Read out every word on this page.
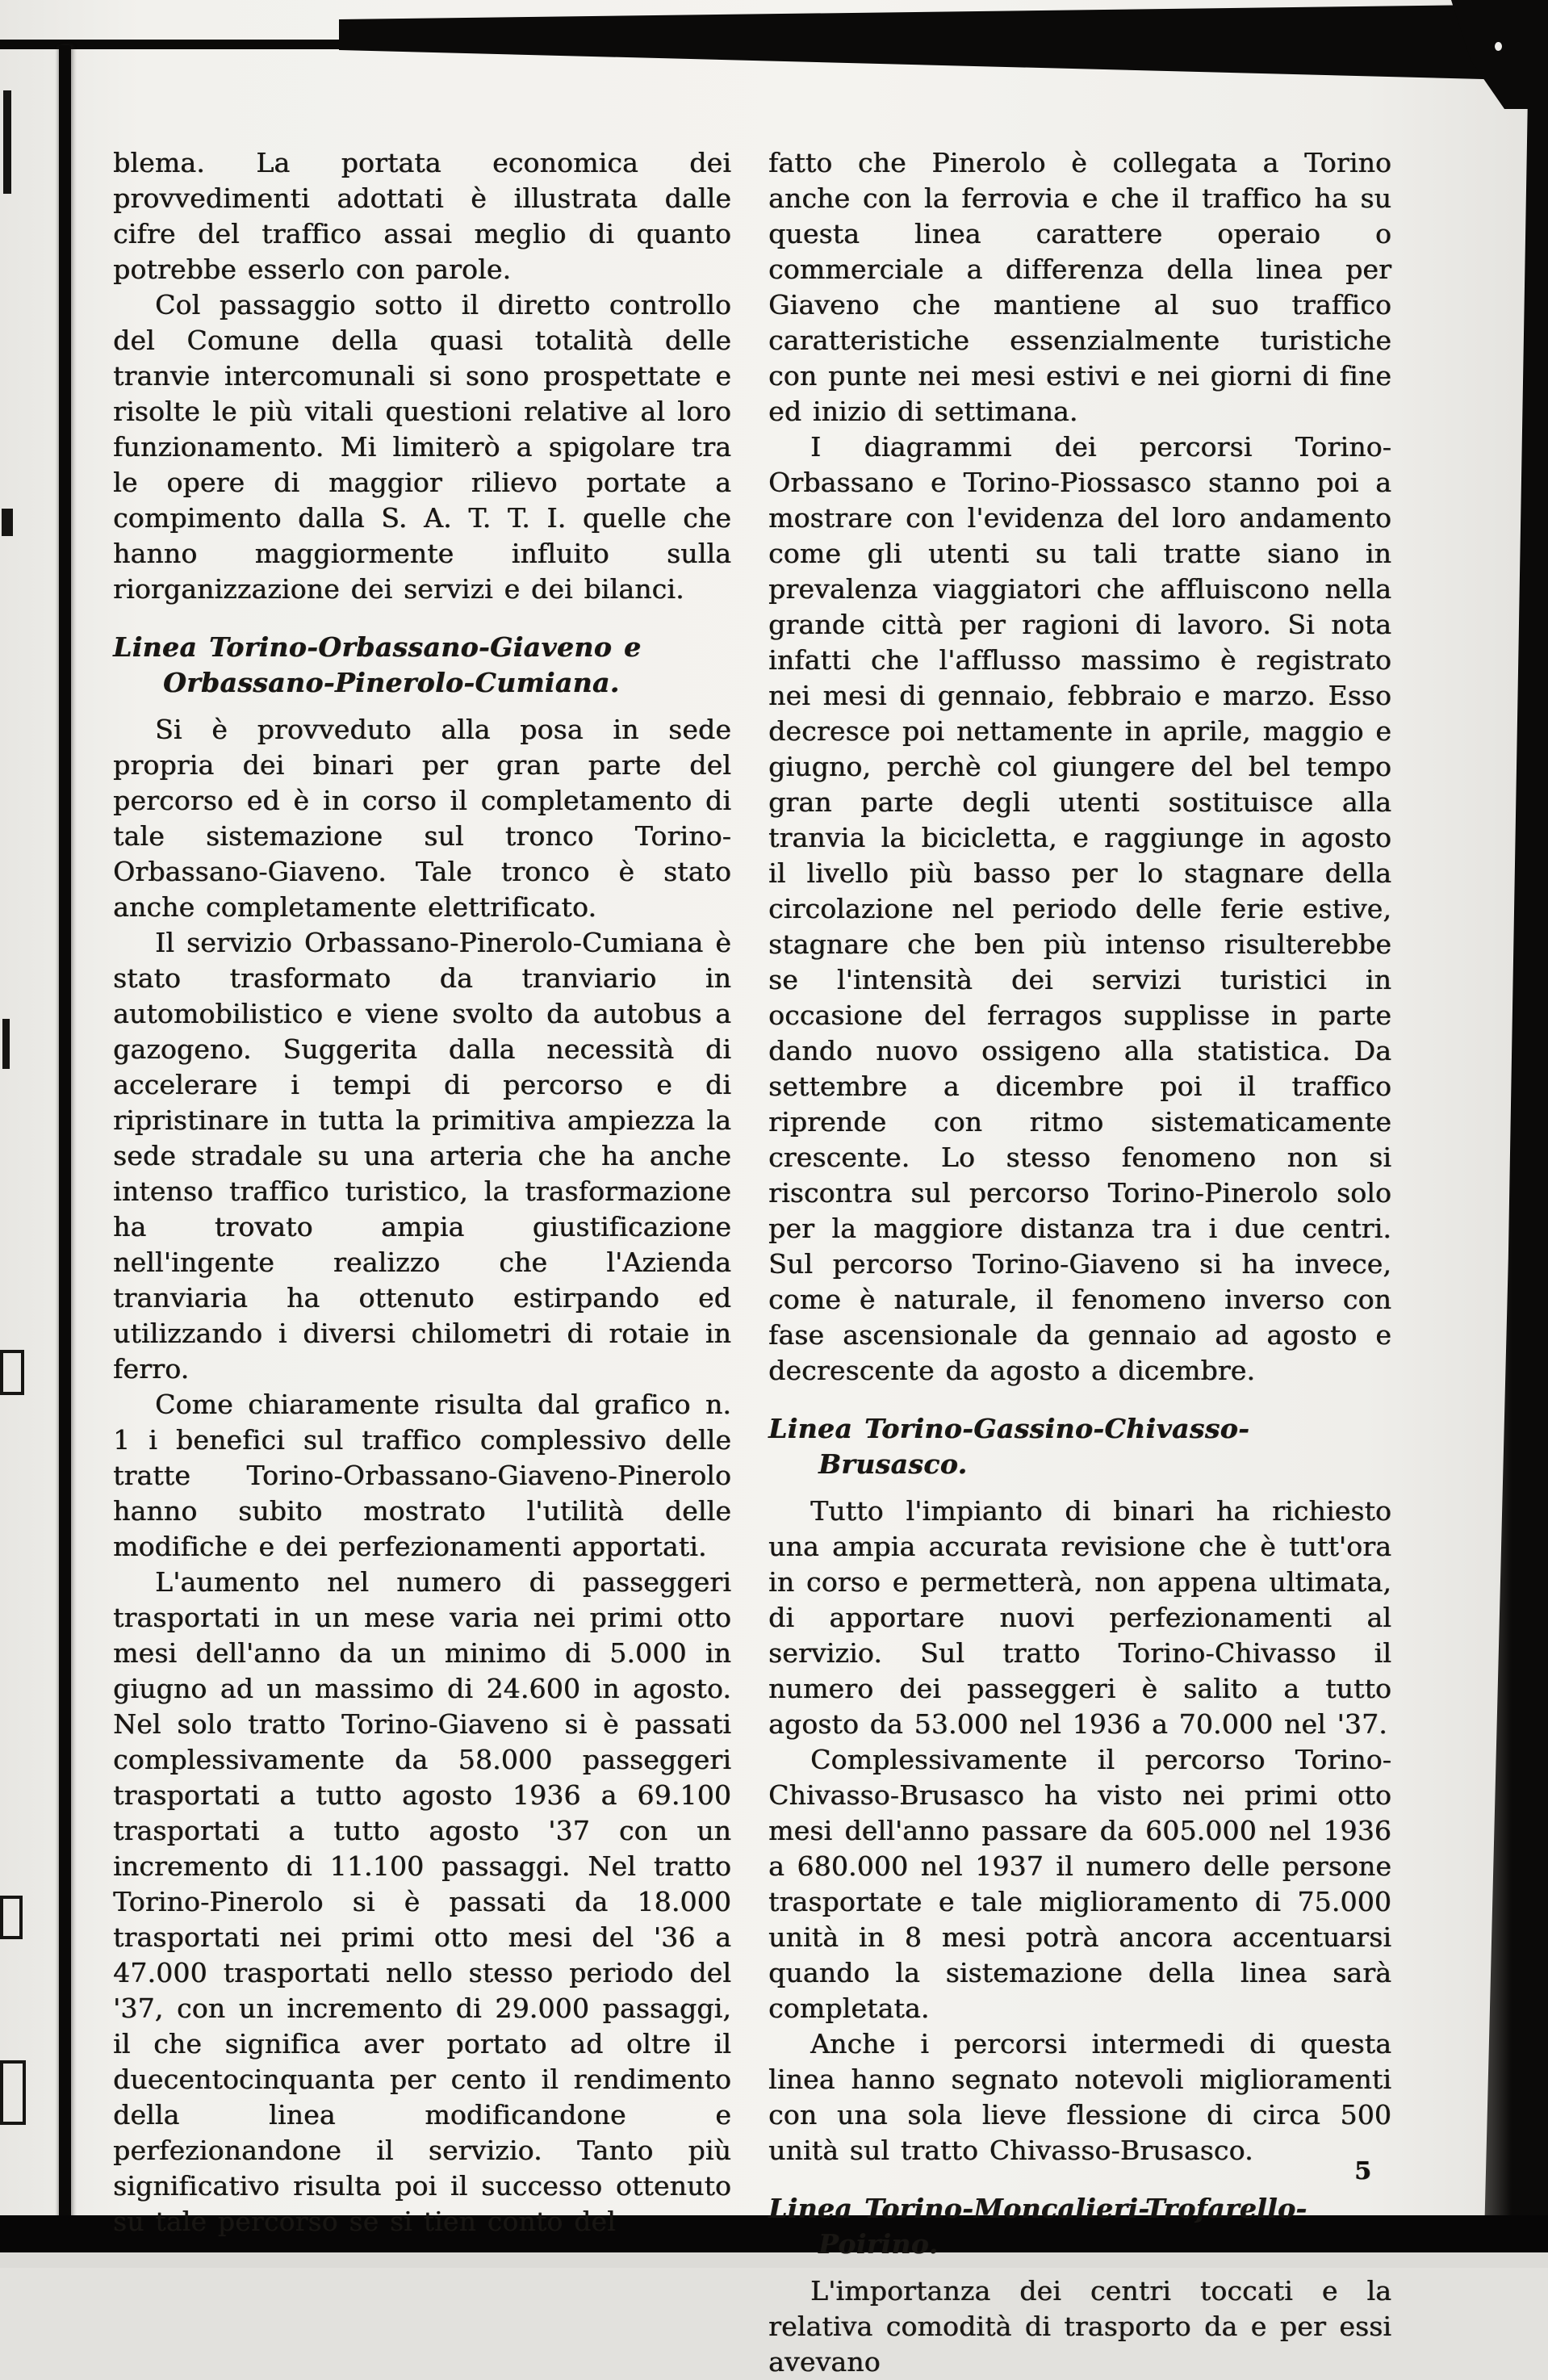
blema. La portata economica dei provvedimenti adottati è illustrata dalle cifre del traffico assai meglio di quanto potrebbe esserlo con parole.

Col passaggio sotto il diretto controllo del Comune della quasi totalità delle tranvie intercomunali si sono prospettate e risolte le più vitali questioni relative al loro funzionamento. Mi limiterò a spigolare tra le opere di maggior rilievo portate a compimento dalla S. A. T. T. I. quelle che hanno maggiormente influito sulla riorganizzazione dei servizi e dei bilanci.

Linea Torino-Orbassano-Giaveno e Orbassano-Pinerolo-Cumiana.

Si è provveduto alla posa in sede propria dei binari per gran parte del percorso ed è in corso il completamento di tale sistemazione sul tronco Torino-Orbassano-Giaveno. Tale tronco è stato anche completamente elettrificato.

Il servizio Orbassano-Pinerolo-Cumiana è stato trasformato da tranviario in automobilistico e viene svolto da autobus a gazogeno. Suggerita dalla necessità di accelerare i tempi di percorso e di ripristinare in tutta la primitiva ampiezza la sede stradale su una arteria che ha anche intenso traffico turistico, la trasformazione ha trovato ampia giustificazione nell'ingente realizzo che l'Azienda tranviaria ha ottenuto estirpando ed utilizzando i diversi chilometri di rotaie in ferro.

Come chiaramente risulta dal grafico n. 1 i benefici sul traffico complessivo delle tratte Torino-Orbassano-Giaveno-Pinerolo hanno subito mostrato l'utilità delle modifiche e dei perfezionamenti apportati.

L'aumento nel numero di passeggeri trasportati in un mese varia nei primi otto mesi dell'anno da un minimo di 5.000 in giugno ad un massimo di 24.600 in agosto. Nel solo tratto Torino-Giaveno si è passati complessivamente da 58.000 passeggeri trasportati a tutto agosto 1936 a 69.100 trasportati a tutto agosto '37 con un incremento di 11.100 passaggi. Nel tratto Torino-Pinerolo si è passati da 18.000 trasportati nei primi otto mesi del '36 a 47.000 trasportati nello stesso periodo del '37, con un incremento di 29.000 passaggi, il che significa aver portato ad oltre il duecentocinquanta per cento il rendimento della linea modificandone e perfezionandone il servizio. Tanto più significativo risulta poi il successo ottenuto su tale percorso se si tien conto del

fatto che Pinerolo è collegata a Torino anche con la ferrovia e che il traffico ha su questa linea carattere operaio o commerciale a differenza della linea per Giaveno che mantiene al suo traffico caratteristiche essenzialmente turistiche con punte nei mesi estivi e nei giorni di fine ed inizio di settimana.

I diagrammi dei percorsi Torino-Orbassano e Torino-Piossasco stanno poi a mostrare con l'evidenza del loro andamento come gli utenti su tali tratte siano in prevalenza viaggiatori che affluiscono nella grande città per ragioni di lavoro. Si nota infatti che l'afflusso massimo è registrato nei mesi di gennaio, febbraio e marzo. Esso decresce poi nettamente in aprile, maggio e giugno, perchè col giungere del bel tempo gran parte degli utenti sostituisce alla tranvia la bicicletta, e raggiunge in agosto il livello più basso per lo stagnare della circolazione nel periodo delle ferie estive, stagnare che ben più intenso risulterebbe se l'intensità dei servizi turistici in occasione del ferragos supplisse in parte dando nuovo ossigeno alla statistica. Da settembre a dicembre poi il traffico riprende con ritmo sistematicamente crescente. Lo stesso fenomeno non si riscontra sul percorso Torino-Pinerolo solo per la maggiore distanza tra i due centri. Sul percorso Torino-Giaveno si ha invece, come è naturale, il fenomeno inverso con fase ascensionale da gennaio ad agosto e decrescente da agosto a dicembre.

Linea Torino-Gassino-Chivasso-Brusasco.

Tutto l'impianto di binari ha richiesto una ampia accurata revisione che è tutt'ora in corso e permetterà, non appena ultimata, di apportare nuovi perfezionamenti al servizio. Sul tratto Torino-Chivasso il numero dei passeggeri è salito a tutto agosto da 53.000 nel 1936 a 70.000 nel '37.

Complessivamente il percorso Torino-Chivasso-Brusasco ha visto nei primi otto mesi dell'anno passare da 605.000 nel 1936 a 680.000 nel 1937 il numero delle persone trasportate e tale miglioramento di 75.000 unità in 8 mesi potrà ancora accentuarsi quando la sistemazione della linea sarà completata.

Anche i percorsi intermedi di questa linea hanno segnato notevoli miglioramenti con una sola lieve flessione di circa 500 unità sul tratto Chivasso-Brusasco.

Linea Torino-Moncalieri-Trofarello-Poirino.

L'importanza dei centri toccati e la relativa comodità di trasporto da e per essi avevano

5
